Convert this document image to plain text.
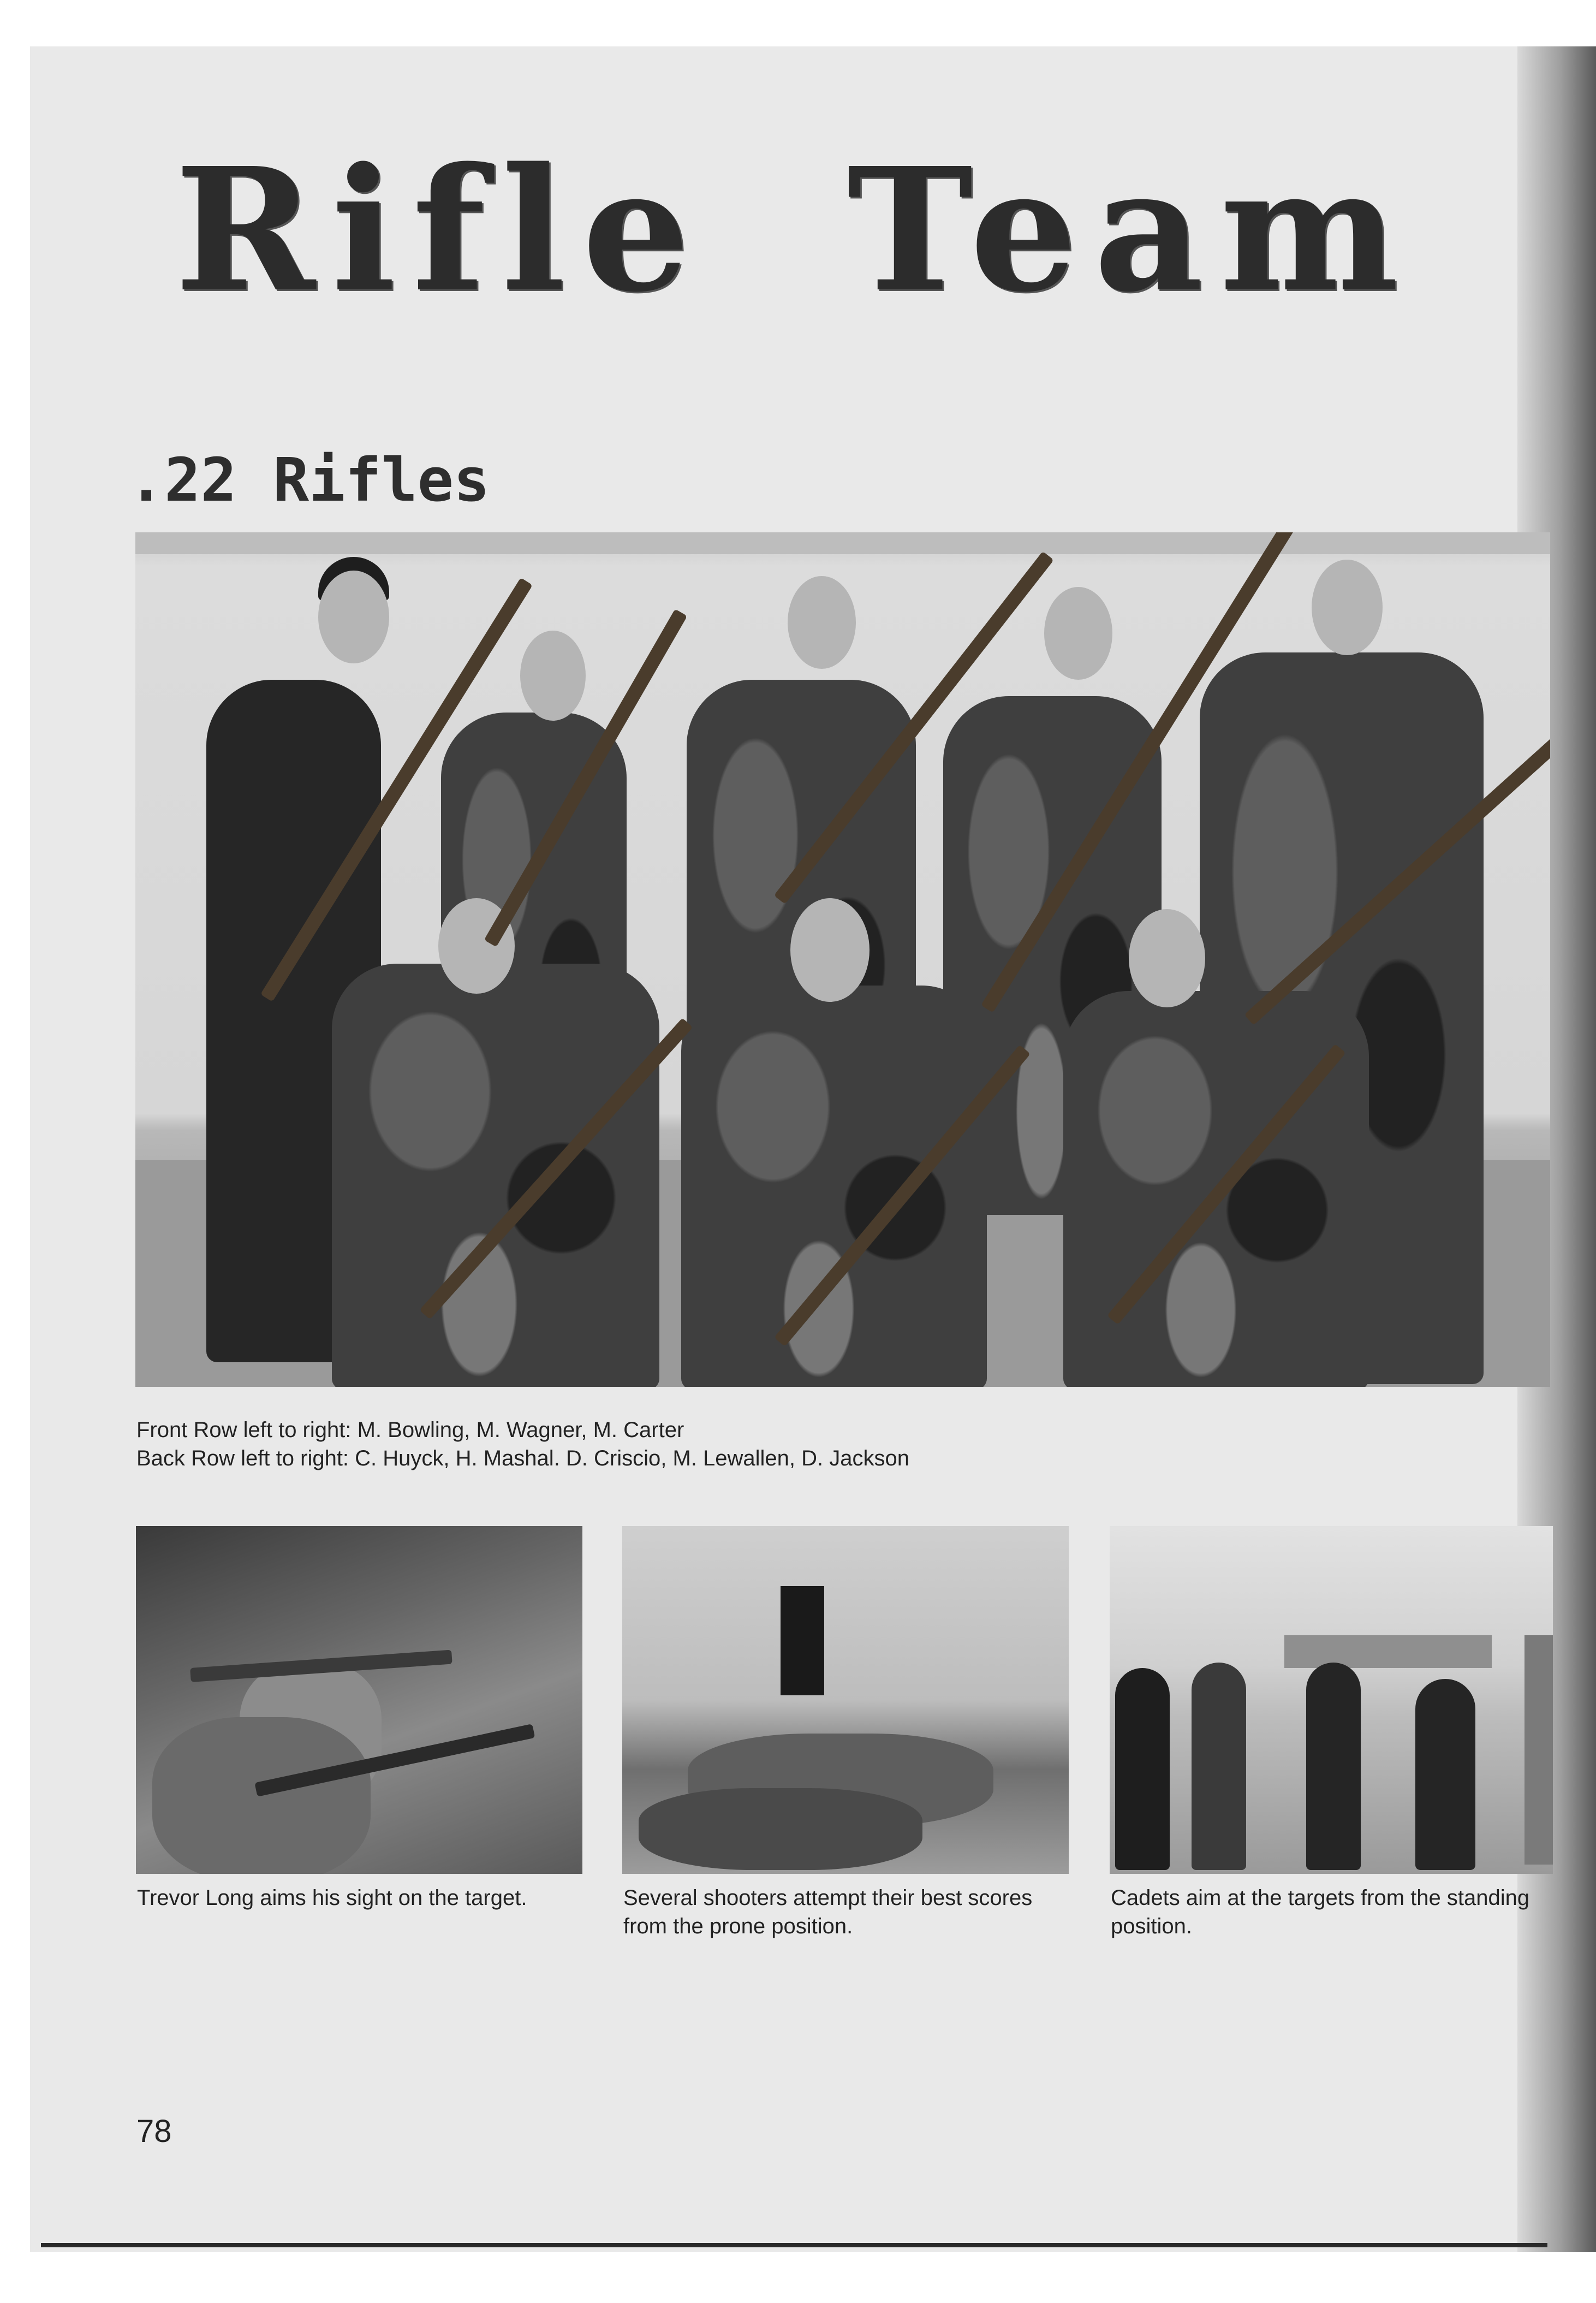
Rifle Team
.22 Rifles
Front Row left to right: M. Bowling, M. Wagner, M. Carter
Back Row left to right: C. Huyck, H. Mashal. D. Criscio, M. Lewallen, D. Jackson
Trevor Long aims his sight on the target.	Several shooters attempt their best scores
from the prone position.
Cadets aim at the targets from the standing
position.
78
